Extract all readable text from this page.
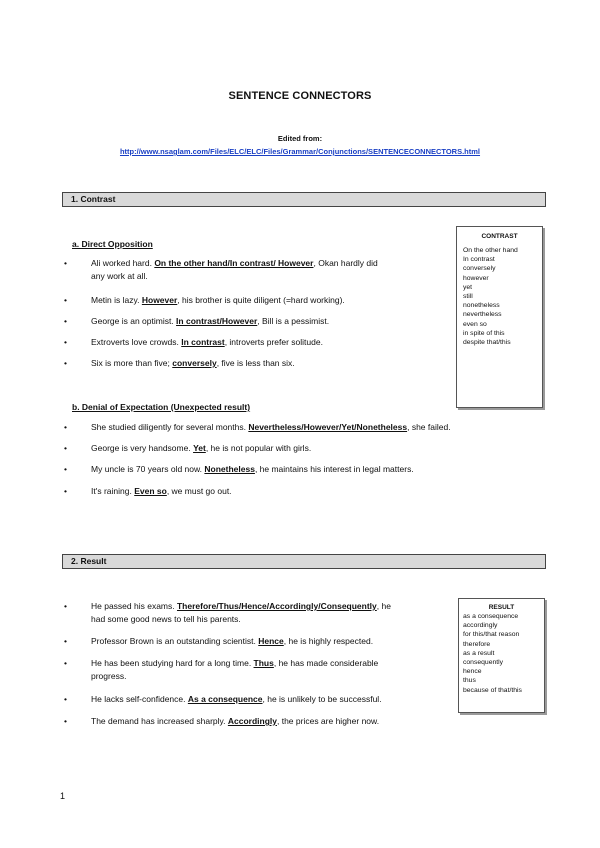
SENTENCE CONNECTORS
Edited from:
http://www.nsaglam.com/Files/ELC/ELC/Files/Grammar/Conjunctions/SENTENCECONNECTORS.html
1. Contrast
a. Direct Opposition
•	Ali worked hard. On the other hand/In contrast/ However, Okan hardly did
any work at all.
•	Metin is lazy. However, his brother is quite diligent (=hard working).
•	George is an optimist. In contrast/However, Bill is a pessimist.
•	Extroverts love crowds. In contrast, introverts prefer solitude.
•	Six is more than five; conversely, five is less than six.
b. Denial of Expectation (Unexpected result)
•	She studied diligently for several months. Nevertheless/However/Yet/Nonetheless, she failed.
•	George is very handsome. Yet, he is not popular with girls.
•	My uncle is 70 years old now. Nonetheless, he maintains his interest in legal matters.
•	It's raining. Even so, we must go out.
CONTRAST
On the other hand
In contrast
conversely
however
yet
still
nonetheless
nevertheless
even so
in spite of this
despite that/this
2. Result
•	He passed his exams. Therefore/Thus/Hence/Accordingly/Consequently, he
had some good news to tell his parents.
•	Professor Brown is an outstanding scientist. Hence, he is highly respected.
•	He has been studying hard for a long time. Thus, he has made considerable
progress.
•	He lacks self-confidence. As a consequence, he is unlikely to be successful.
•	The demand has increased sharply. Accordingly, the prices are higher now.
RESULT
as a consequence
accordingly
for this/that reason
therefore
as a result
consequently
hence
thus
because of that/this
1
